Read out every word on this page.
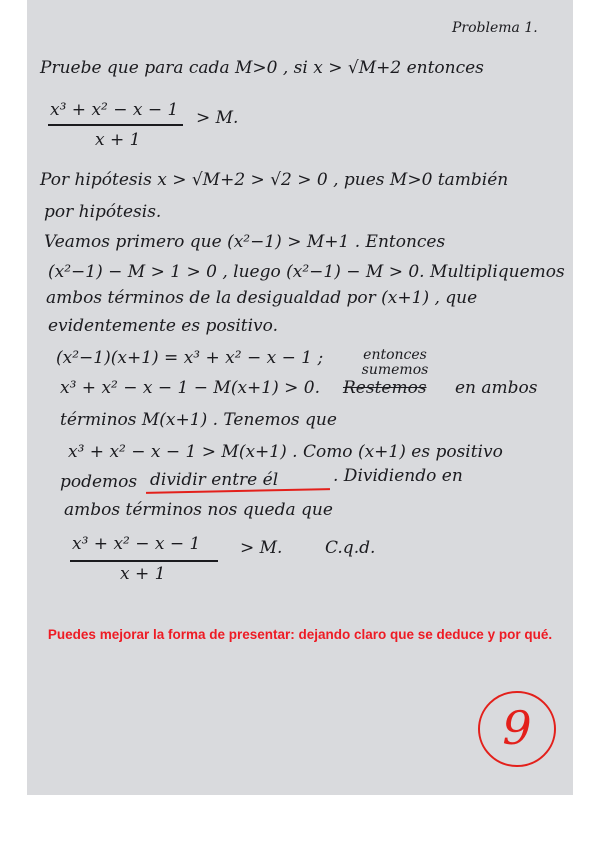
Problema 1.
Pruebe que para cada M>0 , si x > √M+2 entonces
x³ + x² − x − 1
x + 1
> M.
Por hipótesis x > √M+2 > √2 > 0 , pues M>0 también
por hipótesis.
Veamos primero que (x²−1) > M+1 . Entonces
(x²−1) − M > 1 > 0 , luego (x²−1) − M > 0. Multipliquemos
ambos términos de la desigualdad por (x+1) , que
evidentemente es positivo.
(x²−1)(x+1) = x³ + x² − x − 1 ;	entonces sumemos
x³ + x² − x − 1 − M(x+1) > 0. Restemos en ambos
términos M(x+1) . Tenemos que
x³ + x² − x − 1 > M(x+1) . Como (x+1) es positivo
podemos dividir entre él	. Dividiendo en
ambos términos nos queda que
x³ + x² − x − 1
x + 1
> M.	C.q.d.
Puedes mejorar la forma de presentar: dejando claro que se deduce y por qué.
9
